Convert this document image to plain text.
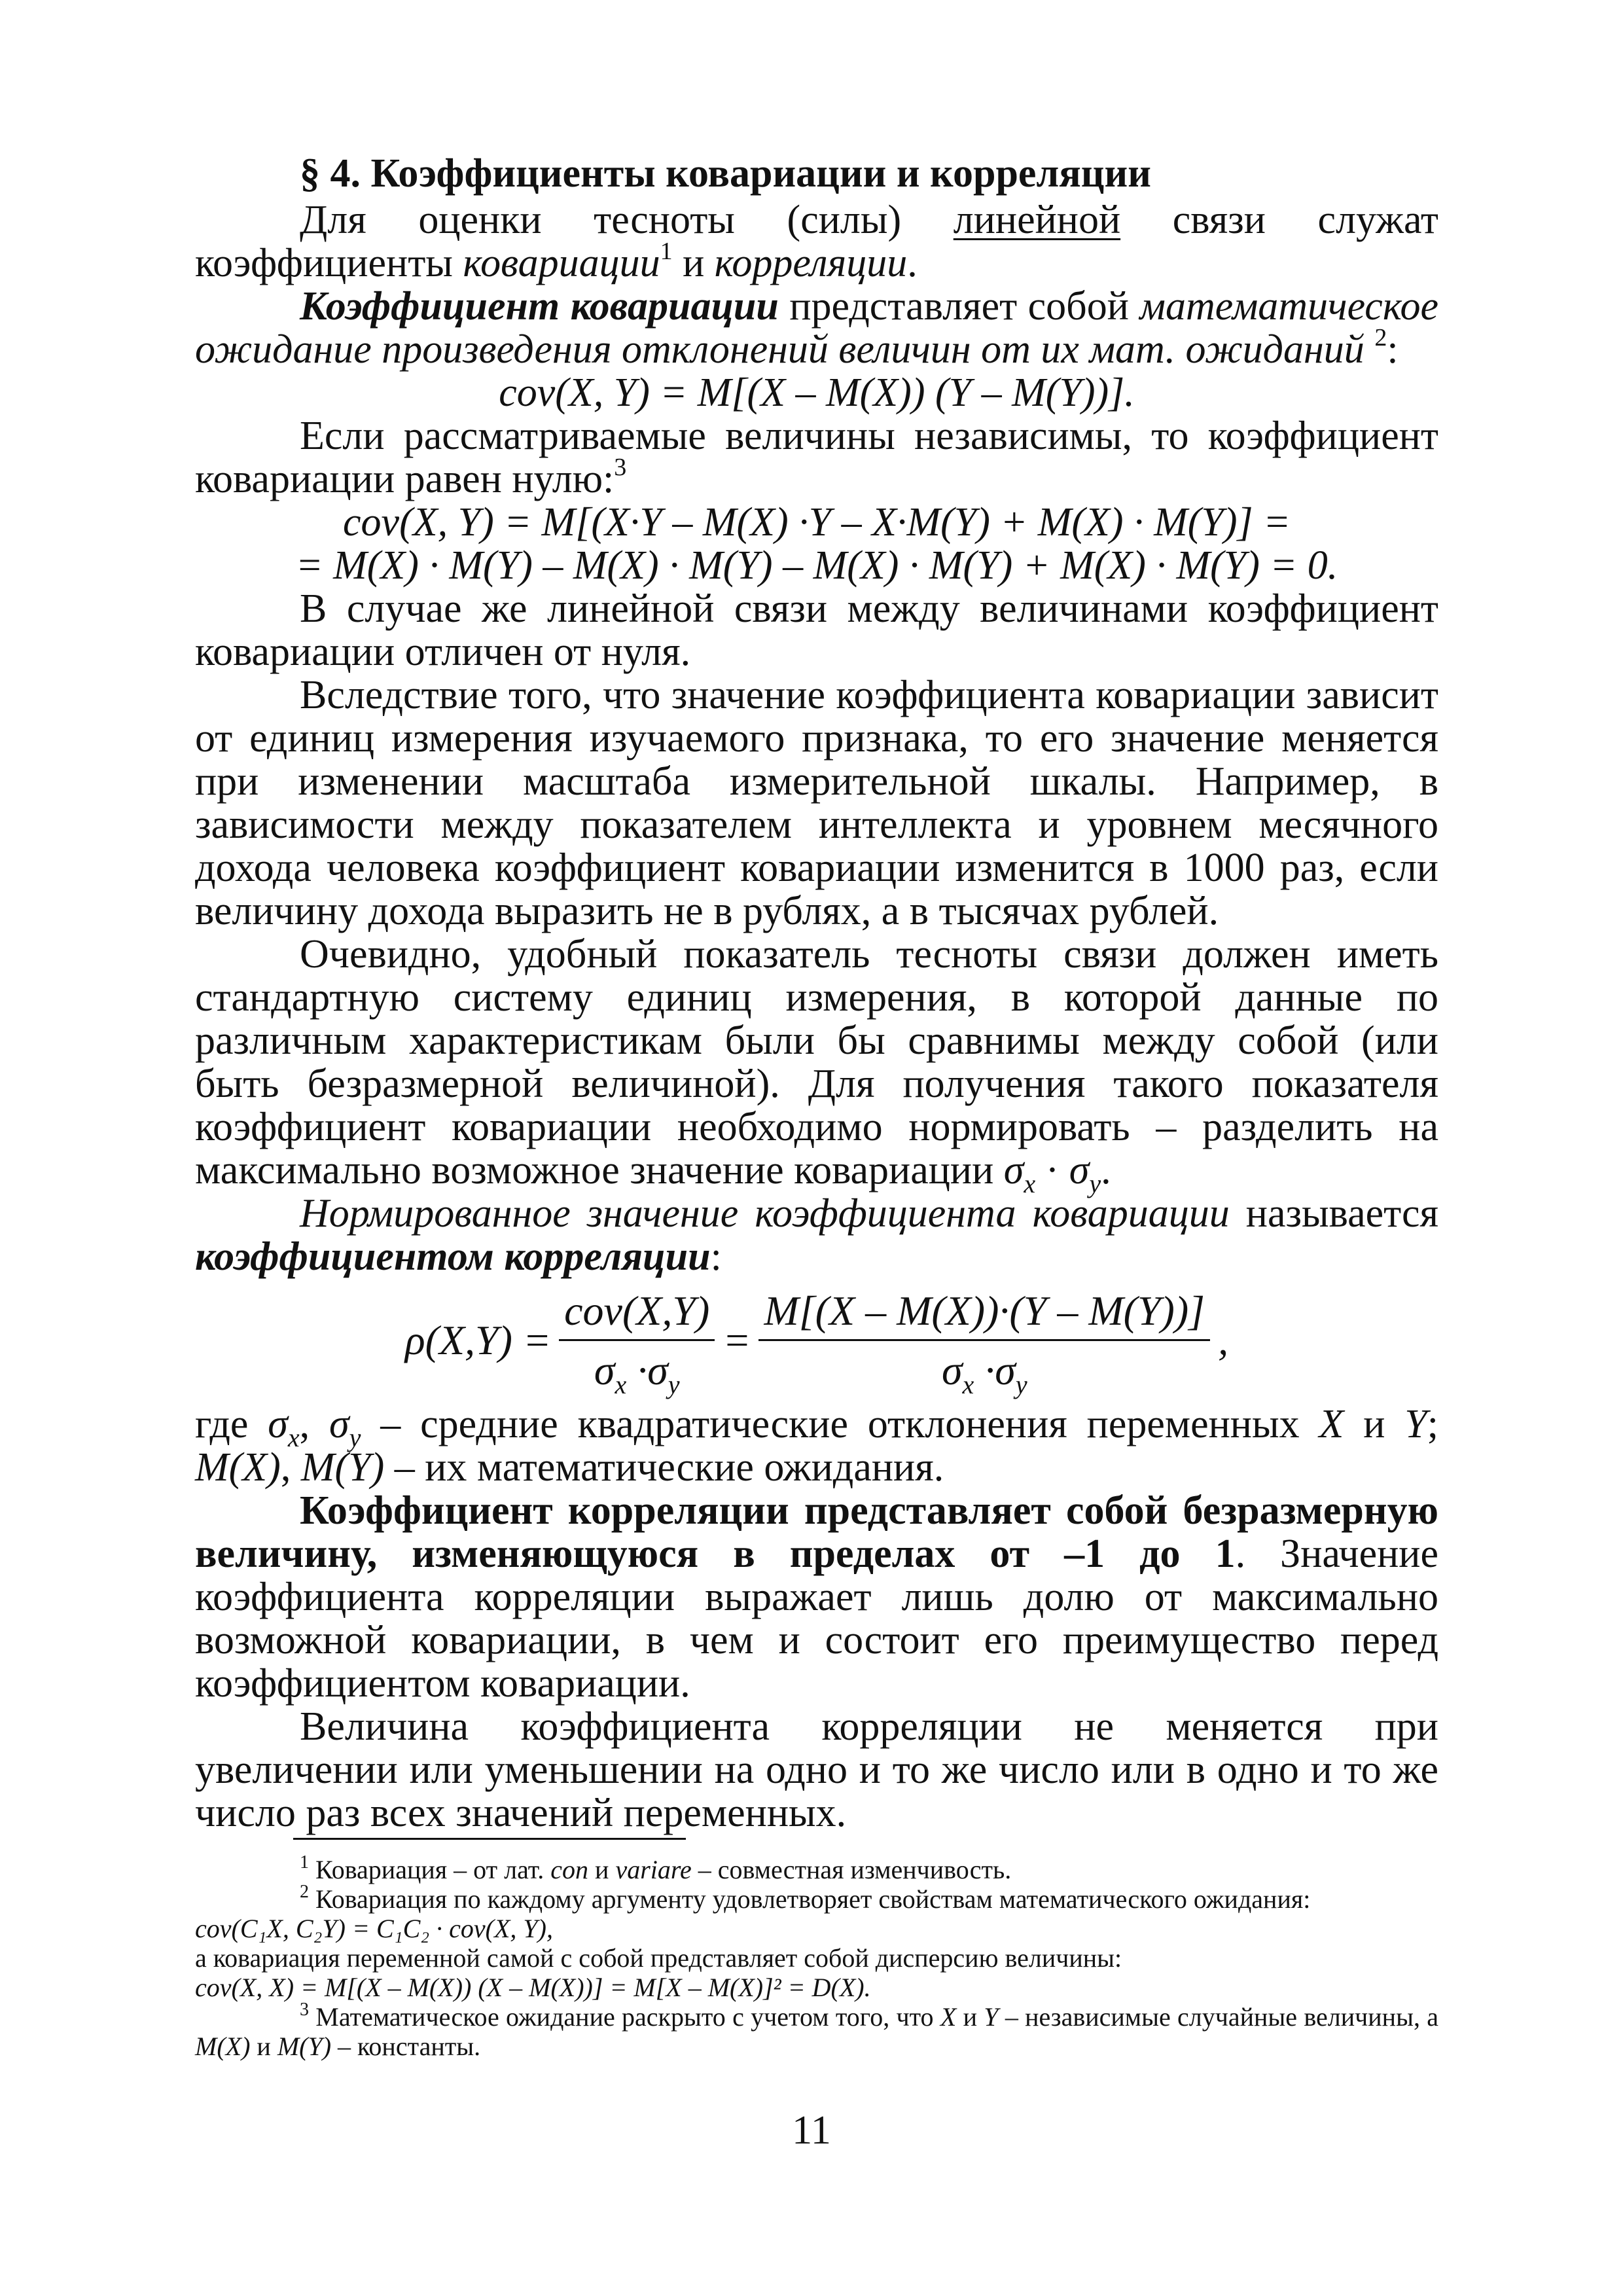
§ 4. Коэффициенты ковариации и корреляции

Для оценки тесноты (силы) линейной связи служат коэффициенты ковариации$^1$ и корреляции.

Коэффициент ковариации представляет собой математическое ожидание произведения отклонений величин от их мат. ожиданий $^2$:

cov(X, Y) = M[(X – M(X)) (Y – M(Y))].

Если рассматриваемые величины независимы, то коэффициент ковариации равен нулю:$^3$

cov(X, Y) = M[(X·Y – M(X) ·Y – X·M(Y) + M(X) · M(Y)] =
= M(X) · M(Y) – M(X) · M(Y) – M(X) · M(Y) + M(X) · M(Y) = 0.

В случае же линейной связи между величинами коэффициент ковариации отличен от нуля.

Вследствие того, что значение коэффициента ковариации зависит от единиц измерения изучаемого признака, то его значение меняется при изменении масштаба измерительной шкалы. Например, в зависимости между показателем интеллекта и уровнем месячного дохода человека коэффициент ковариации изменится в 1000 раз, если величину дохода выразить не в рублях, а в тысячах рублей.

Очевидно, удобный показатель тесноты связи должен иметь стандартную систему единиц измерения, в которой данные по различным характеристикам были бы сравнимы между собой (или быть безразмерной величиной). Для получения такого показателя коэффициент ковариации необходимо нормировать – разделить на максимально возможное значение ковариации $\sigma_x \cdot \sigma_y$.

Нормированное значение коэффициента ковариации называется коэффициентом корреляции:

$\rho(X,Y) = \frac{\text{cov(X,Y)}}{\sigma_x \cdot\sigma_y} = \frac{M[(X - M(X))\cdot(Y - M(Y))]}{\sigma_x \cdot\sigma_y}$ ,

где $\sigma_x$, $\sigma_y$ – средние квадратические отклонения переменных X и Y; M(X), M(Y) – их математические ожидания.

Коэффициент корреляции представляет собой безразмерную величину, изменяющуюся в пределах от –1 до 1. Значение коэффициента корреляции выражает лишь долю от максимально возможной ковариации, в чем и состоит его преимущество перед коэффициентом ковариации.

Величина коэффициента корреляции не меняется при увеличении или уменьшении на одно и то же число или в одно и то же число раз всех значений переменных.

$^1$ Ковариация – от лат. con и variare – совместная изменчивость.

$^2$ Ковариация по каждому аргументу удовлетворяет свойствам математического ожидания:

cov(C₁X, C₂Y) = C₁C₂ · cov(X, Y),

а ковариация переменной самой с собой представляет собой дисперсию величины:

cov(X, X) = M[(X – M(X)) (X – M(X))] = M[X – M(X)]² = D(X).

$^3$ Математическое ожидание раскрыто с учетом того, что X и Y – независимые случайные величины, а M(X) и M(Y) – константы.

11
